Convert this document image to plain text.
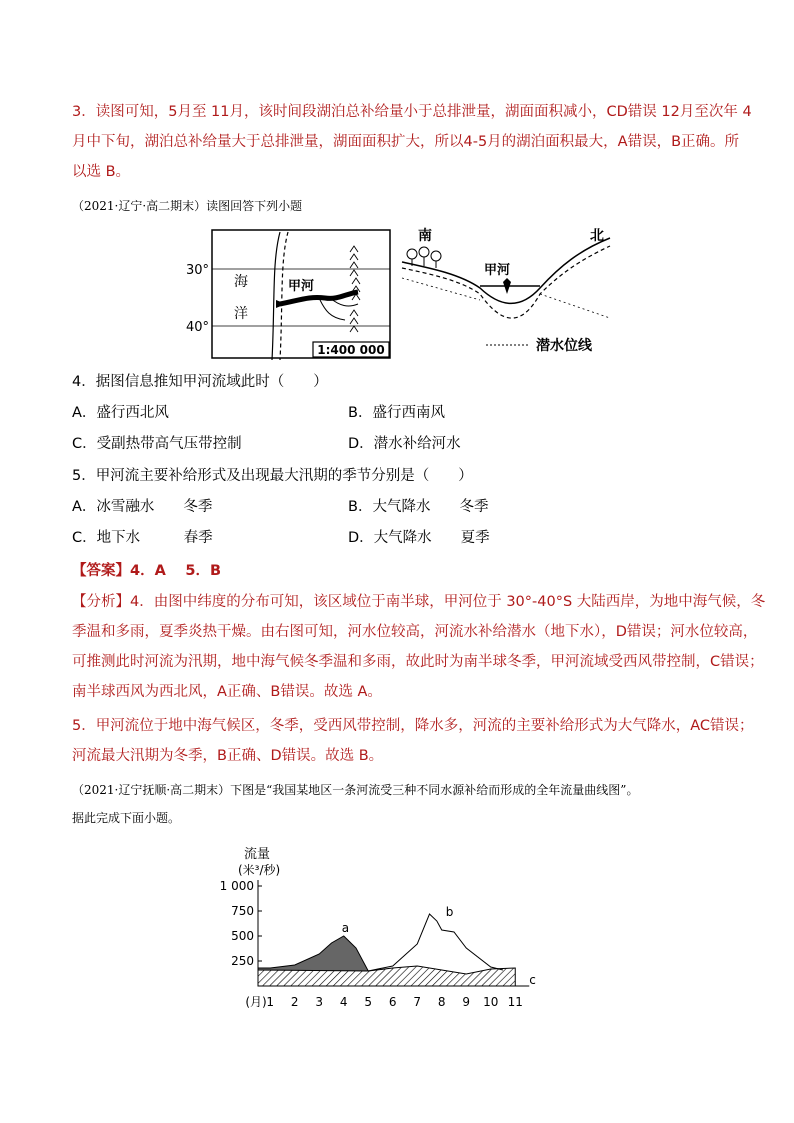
3．读图可知，5月至 11月，该时间段湖泊总补给量小于总排泄量，湖面面积减小，CD错误 12月至次年 4
月中下旬，湖泊总补给量大于总排泄量，湖面面积扩大，所以4-5月的湖泊面积最大，A错误，B正确。所
以选 B。
（2021·辽宁·高二期末）读图回答下列小题
30°
40°
海
洋
甲河
1:400 000
南	北
甲河
潜水位线
4．据图信息推知甲河流域此时（　　）
A．盛行西北风	B．盛行西南风
C．受副热带高气压带控制	D．潜水补给河水
5．甲河流主要补给形式及出现最大汛期的季节分别是（　　）
A．冰雪融水　　冬季	B．大气降水　　冬季
C．地下水　　　春季	D．大气降水　　夏季
【答案】4．A　 5．B
【分析】4．由图中纬度的分布可知，该区域位于南半球，甲河位于 30°-40°S 大陆西岸，为地中海气候，冬
季温和多雨，夏季炎热干燥。由右图可知，河水位较高，河流水补给潜水（地下水），D错误；河水位较高，
可推测此时河流为汛期，地中海气候冬季温和多雨，故此时为南半球冬季，甲河流域受西风带控制，C错误；
南半球西风为西北风，A正确、B错误。故选 A。
5．甲河流位于地中海气候区，冬季，受西风带控制，降水多，河流的主要补给形式为大气降水，AC错误；
河流最大汛期为冬季，B正确、D错误。故选 B。
（2021·辽宁抚顺·高二期末）下图是“我国某地区一条河流受三种不同水源补给而形成的全年流量曲线图”。
据此完成下面小题。
流量
(米³/秒)
250
500
750
1 000
(月) 1 2 3 4 5 6 7 8 9 10 11
a
b
c
